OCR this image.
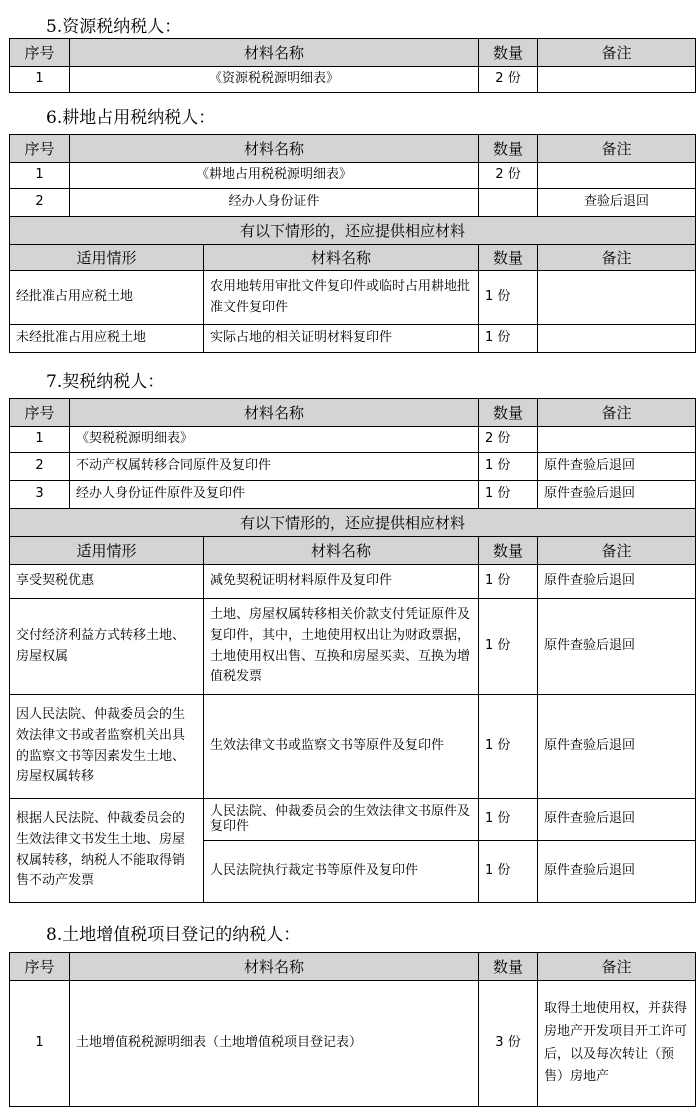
5.资源税纳税人：
序号	材料名称	数量	备注
1	《资源税税源明细表》	2 份	
6.耕地占用税纳税人：
序号	材料名称		数量	备注
1	《耕地占用税税源明细表》		2 份	
2	经办人身份证件			查验后退回
有以下情形的，还应提供相应材料				
适用情形		材料名称	数量	备注
经批准占用应税土地		农用地转用审批文件复印件或临时占用耕地批准文件复印件	1 份	
未经批准占用应税土地		实际占地的相关证明材料复印件	1 份	
7.契税纳税人：
序号	材料名称		数量	备注
1	《契税税源明细表》		2 份	
2	不动产权属转移合同原件及复印件		1 份	原件查验后退回
3	经办人身份证件原件及复印件		1 份	原件查验后退回
有以下情形的，还应提供相应材料				
适用情形		材料名称	数量	备注
享受契税优惠		减免契税证明材料原件及复印件	1 份	原件查验后退回
交付经济利益方式转移土地、房屋权属		土地、房屋权属转移相关价款支付凭证原件及复印件，其中，土地使用权出让为财政票据，土地使用权出售、互换和房屋买卖、互换为增值税发票	1 份	原件查验后退回
因人民法院、仲裁委员会的生效法律文书或者监察机关出具的监察文书等因素发生土地、房屋权属转移		生效法律文书或监察文书等原件及复印件	1 份	原件查验后退回
根据人民法院、仲裁委员会的生效法律文书发生土地、房屋权属转移，纳税人不能取得销售不动产发票		人民法院、仲裁委员会的生效法律文书原件及复印件	1 份	原件查验后退回
		人民法院执行裁定书等原件及复印件	1 份	原件查验后退回
8.土地增值税项目登记的纳税人：
序号	材料名称	数量	备注
1	土地增值税税源明细表（土地增值税项目登记表）	3 份	取得土地使用权，并获得房地产开发项目开工许可后，以及每次转让（预售）房地产
